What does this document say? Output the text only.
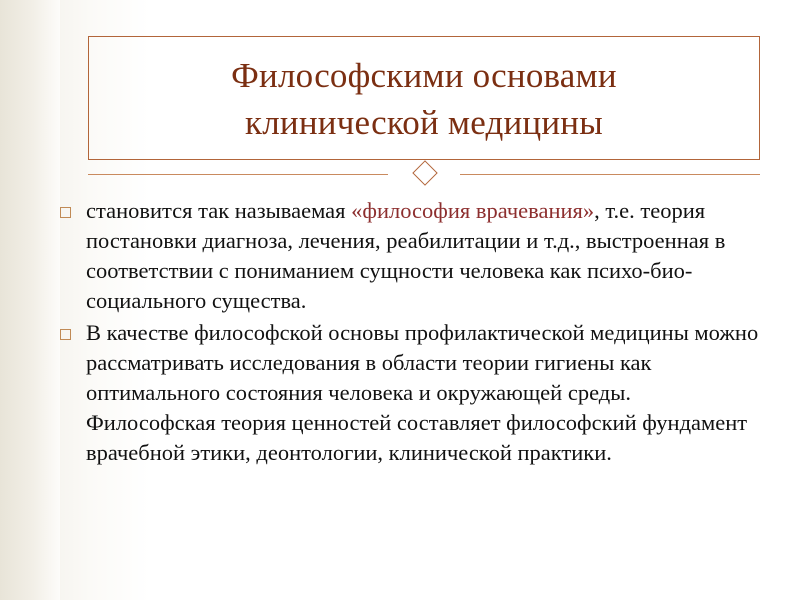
Философскими основами
клинической медицины
становится так называемая «философия врачевания», т.е. теория постановки диагноза, лечения, реабилитации и т.д., выстроенная в соответствии с пониманием сущности человека как психо-био-социального существа.
В качестве философской основы профилактической медицины можно рассматривать исследования в области теории гигиены как оптимального состояния человека и окружающей среды. Философская теория ценностей составляет философский фундамент врачебной этики, деонтологии, клинической практики.
